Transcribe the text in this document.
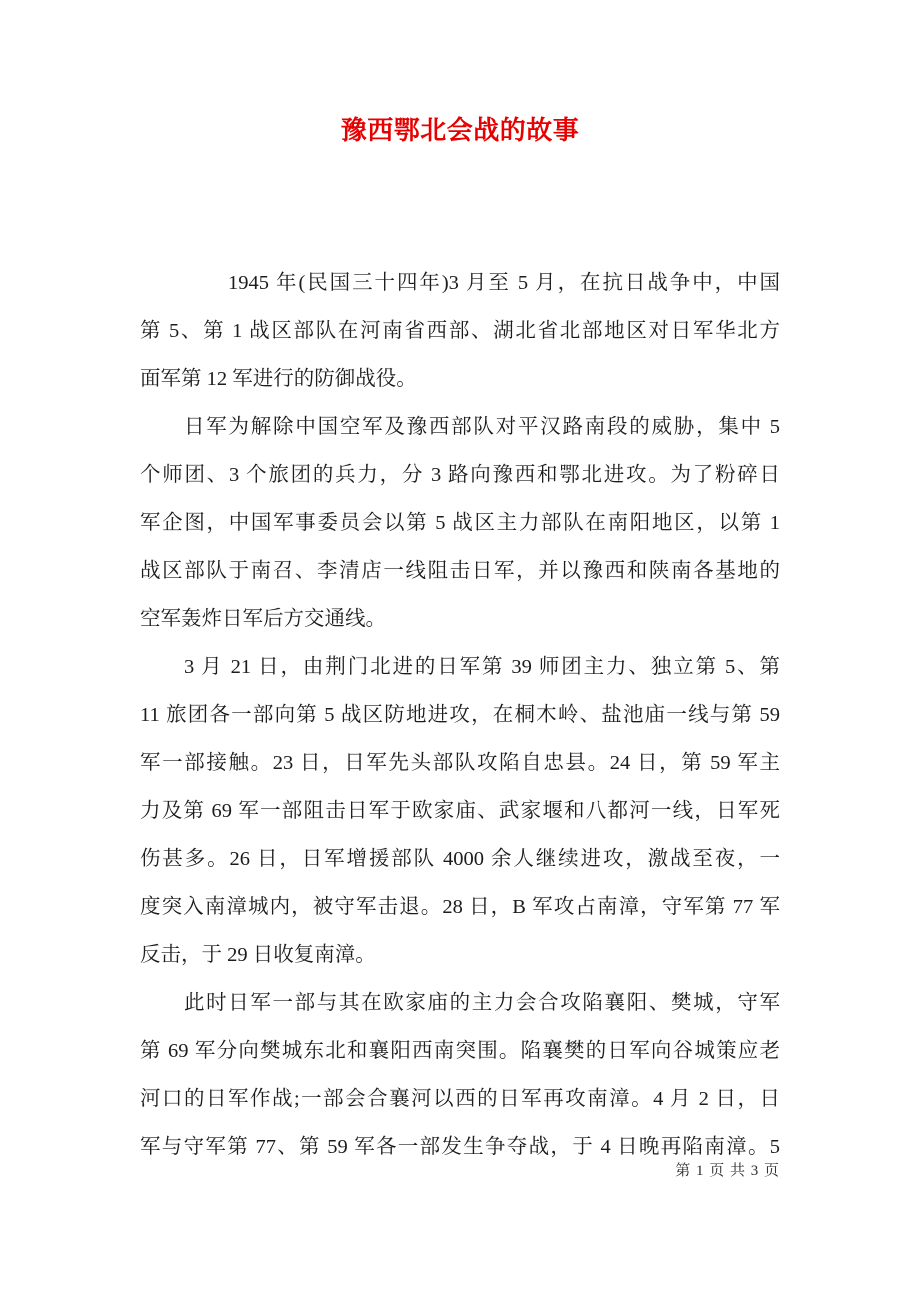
豫西鄂北会战的故事
1945 年(民国三十四年)3 月至 5 月，在抗日战争中，中国
第 5、第 1 战区部队在河南省西部、湖北省北部地区对日军华北方
面军第 12 军进行的防御战役。
日军为解除中国空军及豫西部队对平汉路南段的威胁，集中 5
个师团、3 个旅团的兵力，分 3 路向豫西和鄂北进攻。为了粉碎日
军企图，中国军事委员会以第 5 战区主力部队在南阳地区，以第 1
战区部队于南召、李清店一线阻击日军，并以豫西和陕南各基地的
空军轰炸日军后方交通线。
3 月 21 日，由荆门北进的日军第 39 师团主力、独立第 5、第
11 旅团各一部向第 5 战区防地进攻，在桐木岭、盐池庙一线与第 59
军一部接触。23 日，日军先头部队攻陷自忠县。24 日，第 59 军主
力及第 69 军一部阻击日军于欧家庙、武家堰和八都河一线，日军死
伤甚多。26 日，日军增援部队 4000 余人继续进攻，激战至夜，一
度突入南漳城内，被守军击退。28 日，B 军攻占南漳，守军第 77 军
反击，于 29 日收复南漳。
此时日军一部与其在欧家庙的主力会合攻陷襄阳、樊城，守军
第 69 军分向樊城东北和襄阳西南突围。陷襄樊的日军向谷城策应老
河口的日军作战;一部会合襄河以西的日军再攻南漳。4 月 2 日，日
军与守军第 77、第 59 军各一部发生争夺战，于 4 日晚再陷南漳。5
第 1 页 共 3 页
